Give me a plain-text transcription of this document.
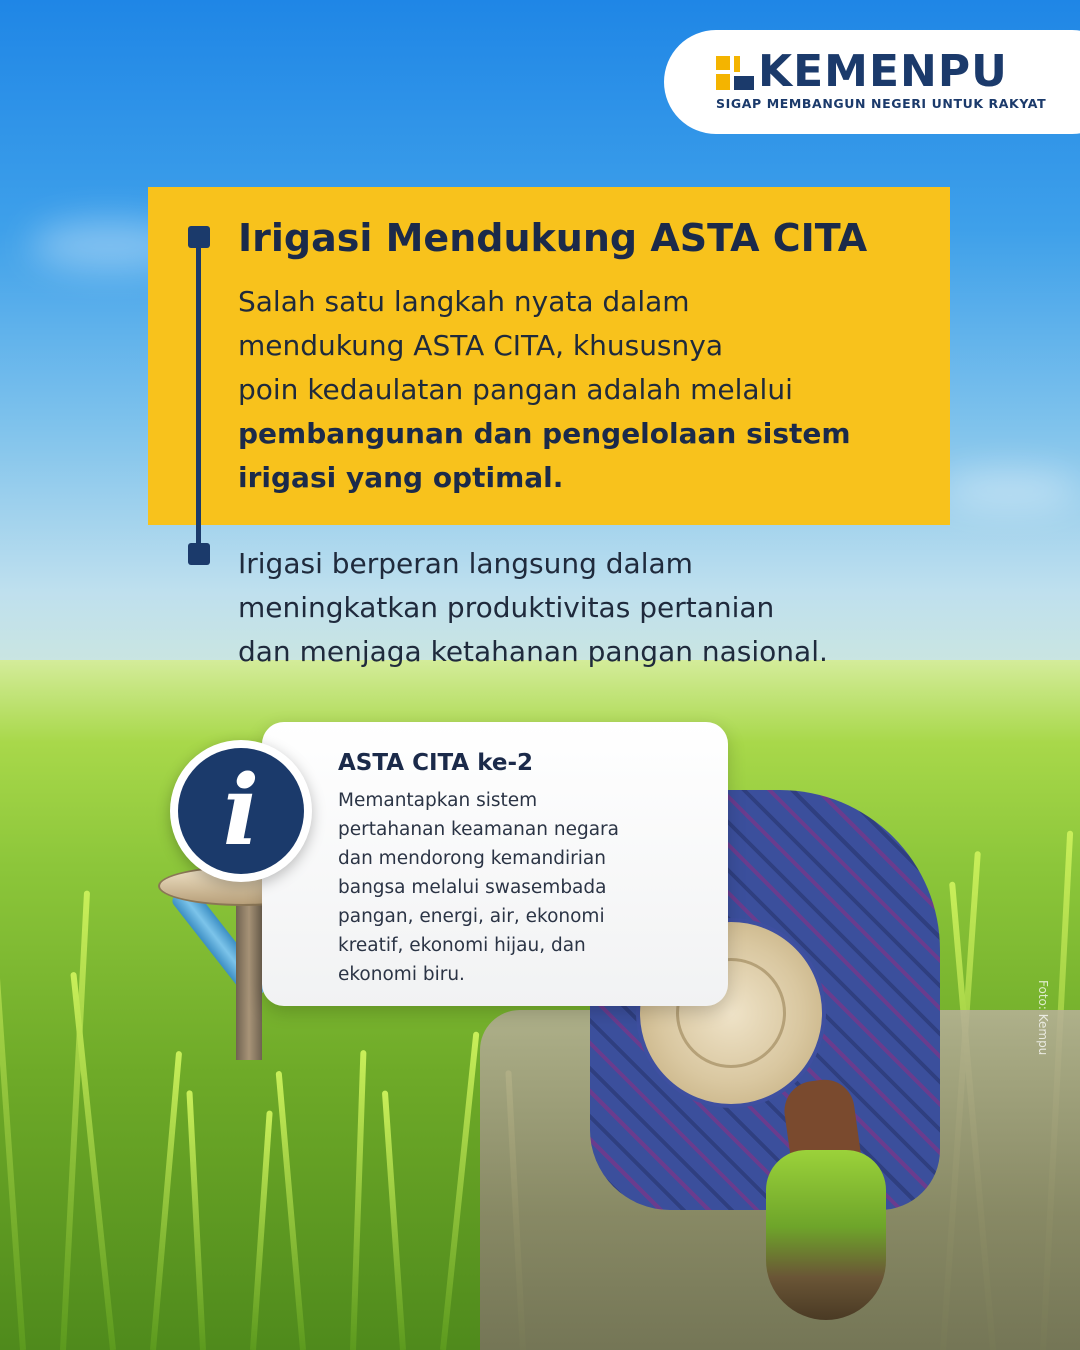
KEMENPU
SIGAP MEMBANGUN NEGERI UNTUK RAKYAT
Irigasi Mendukung ASTA CITA
Salah satu langkah nyata dalam
mendukung ASTA CITA, khususnya
poin kedaulatan pangan adalah melalui
pembangunan dan pengelolaan sistem
irigasi yang optimal.
Irigasi berperan langsung dalam
meningkatkan produktivitas pertanian
dan menjaga ketahanan pangan nasional.
i	ASTA CITA ke-2
Memantapkan sistem
pertahanan keamanan negara
dan mendorong kemandirian
bangsa melalui swasembada
pangan, energi, air, ekonomi
kreatif, ekonomi hijau, dan
ekonomi biru.
Foto: Kempu
